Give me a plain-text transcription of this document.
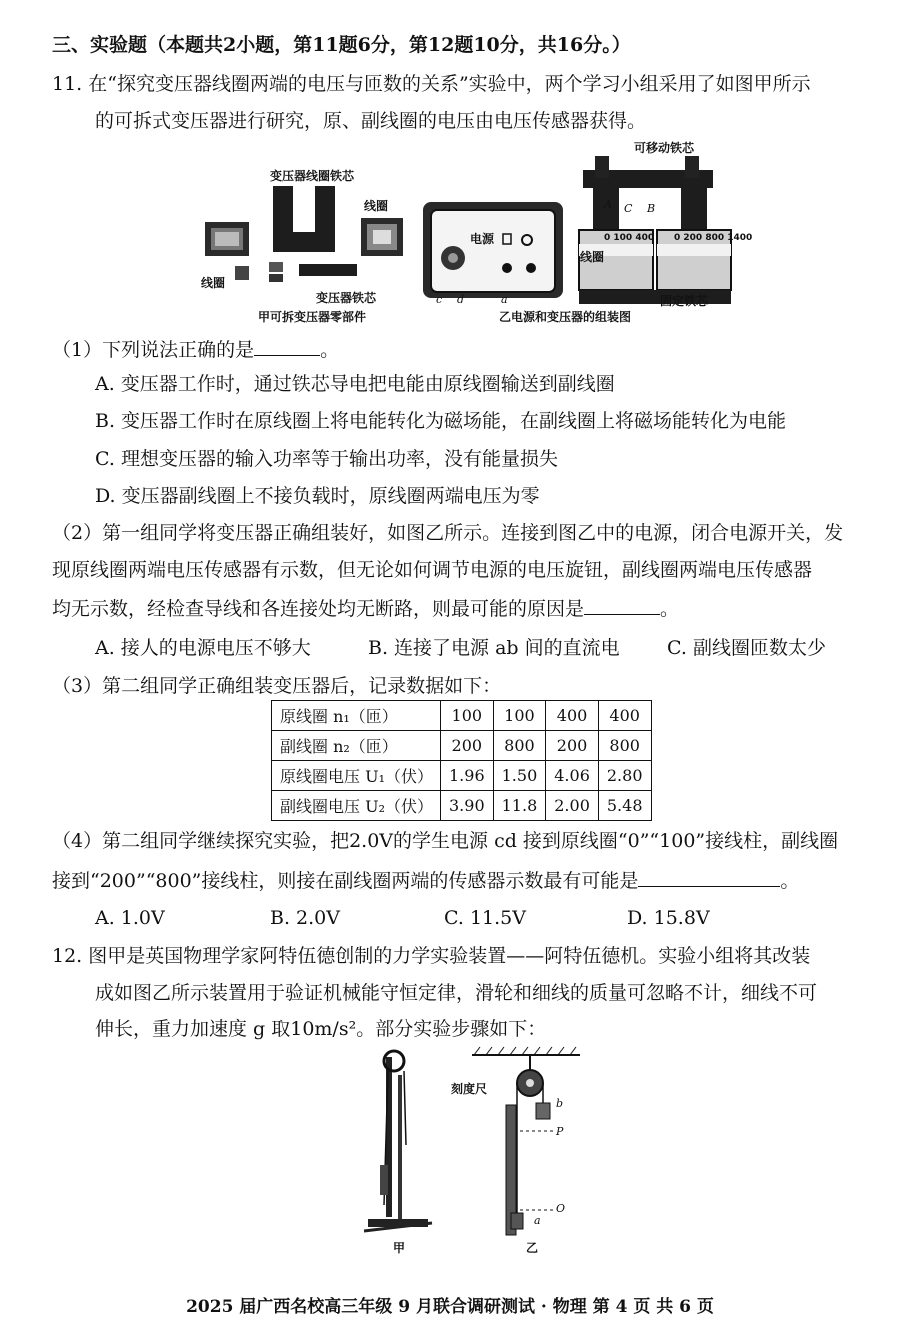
三、实验题（本题共2小题，第11题6分，第12题10分，共16分。）
11. 在“探究变压器线圈两端的电压与匝数的关系”实验中，两个学习小组采用了如图甲所示
的可拆式变压器进行研究，原、副线圈的电压由电压传感器获得。
变压器线圈铁芯
线圈
线圈
变压器铁芯
甲可拆变压器零部件
电源
c d	a
乙电源和变压器的组装图
可移动铁芯
固定铁芯
线圈
A C B
0 100 400 0 200 800 1400
（1）下列说法正确的是	。
A. 变压器工作时，通过铁芯导电把电能由原线圈输送到副线圈
B. 变压器工作时在原线圈上将电能转化为磁场能，在副线圈上将磁场能转化为电能
C. 理想变压器的输入功率等于输出功率，没有能量损失
D. 变压器副线圈上不接负载时，原线圈两端电压为零
（2）第一组同学将变压器正确组装好，如图乙所示。连接到图乙中的电源，闭合电源开关，发
现原线圈两端电压传感器有示数，但无论如何调节电源的电压旋钮，副线圈两端电压传感器
均无示数，经检查导线和各连接处均无断路，则最可能的原因是	。
A. 接人的电源电压不够大	B. 连接了电源 ab 间的直流电 C. 副线圈匝数太少
（3）第二组同学正确组装变压器后，记录数据如下：
原线圈 n₁（匝）	100	100	400	400
副线圈 n₂（匝）	200	800	200	800
原线圈电压 U₁（伏）	1.96	1.50	4.06	2.80
副线圈电压 U₂（伏）	3.90	11.8	2.00	5.48
（4）第二组同学继续探究实验，把2.0V的学生电源 cd 接到原线圈“0”“100”接线柱，副线圈
接到“200”“800”接线柱，则接在副线圈两端的传感器示数最有可能是	。
A. 1.0V	B. 2.0V	C. 11.5V	D. 15.8V
12. 图甲是英国物理学家阿特伍德创制的力学实验装置——阿特伍德机。实验小组将其改装
成如图乙所示装置用于验证机械能守恒定律，滑轮和细线的质量可忽略不计，细线不可
伸长，重力加速度 g 取10m/s²。部分实验步骤如下：
刻度尺
b
P
O
a
甲	乙
2025 届广西名校高三年级 9 月联合调研测试 · 物理 第 4 页 共 6 页
